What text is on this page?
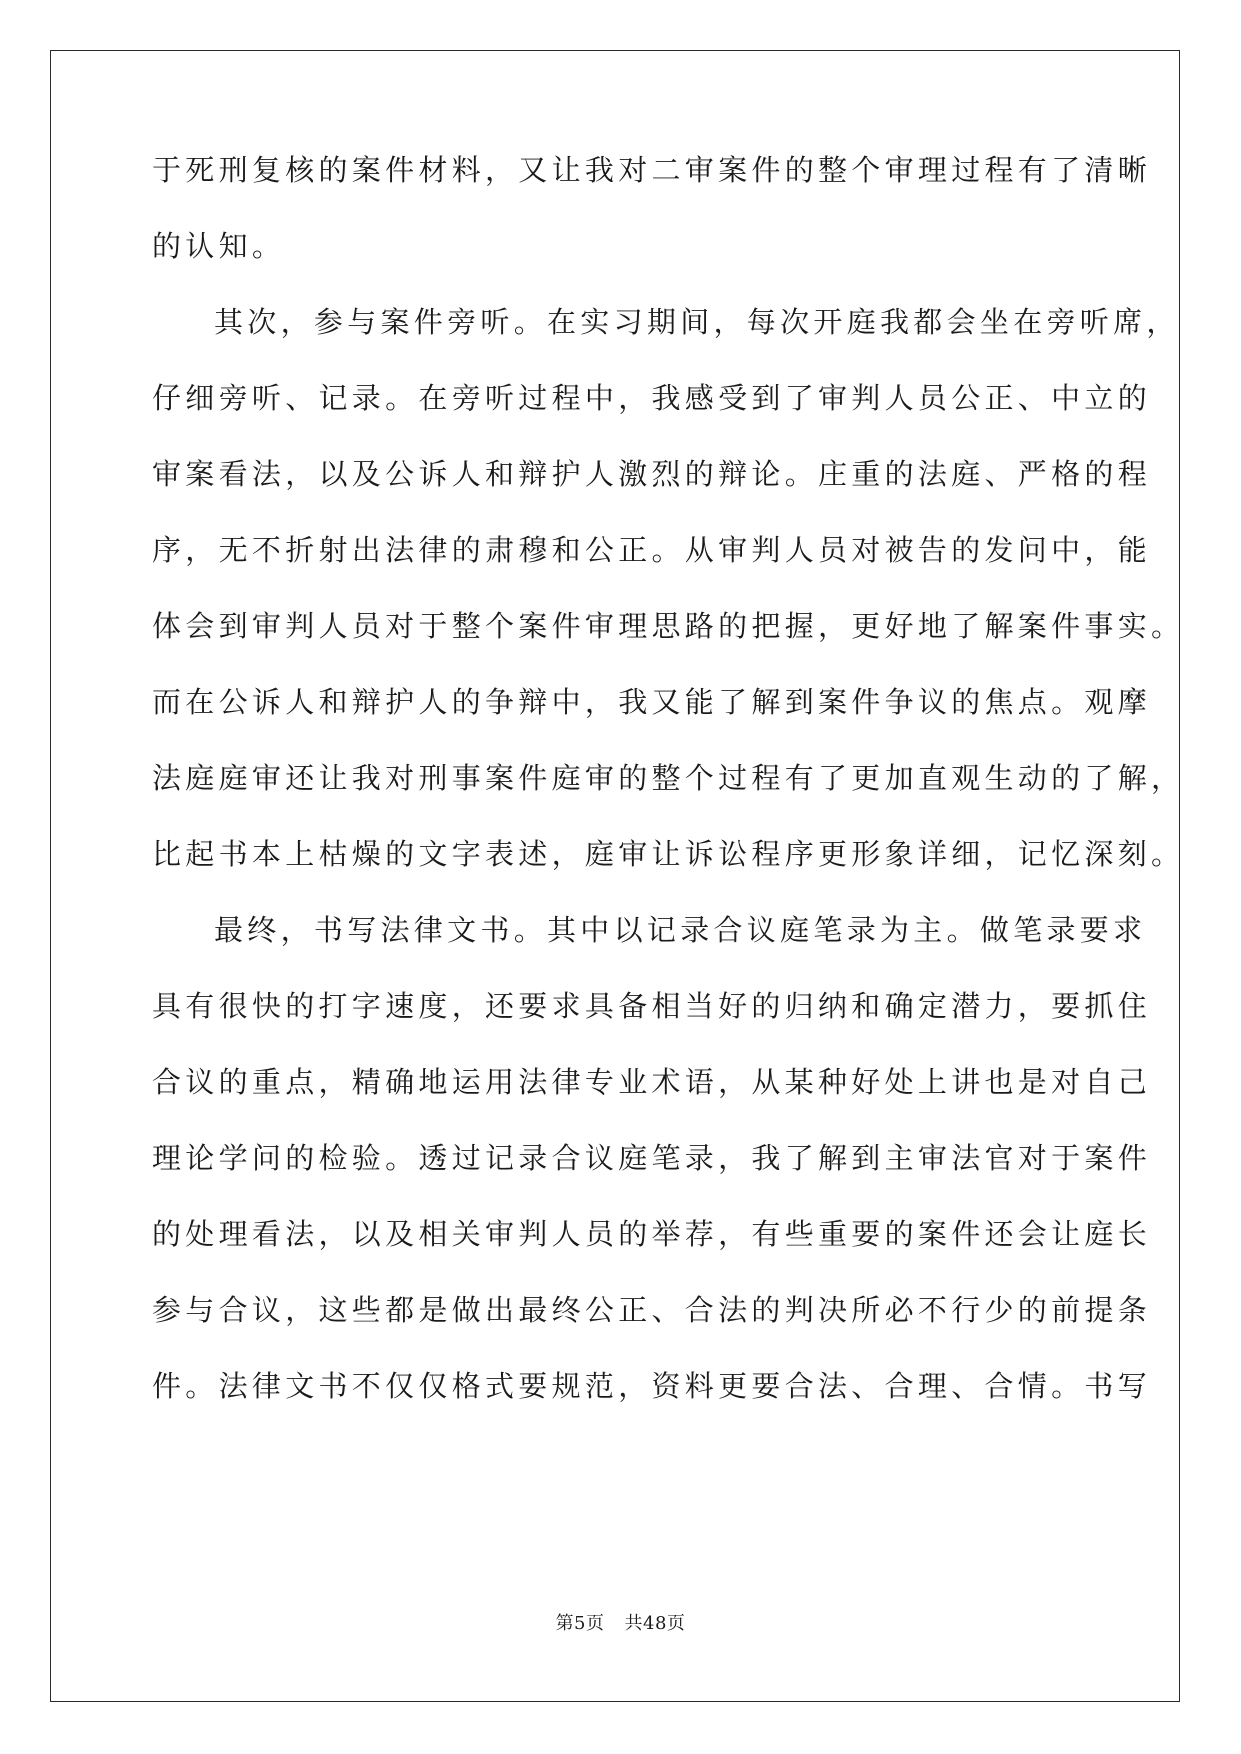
于死刑复核的案件材料，又让我对二审案件的整个审理过程有了清晰
的认知。
其次，参与案件旁听。在实习期间，每次开庭我都会坐在旁听席，
仔细旁听、记录。在旁听过程中，我感受到了审判人员公正、中立的
审案看法，以及公诉人和辩护人激烈的辩论。庄重的法庭、严格的程
序，无不折射出法律的肃穆和公正。从审判人员对被告的发问中，能
体会到审判人员对于整个案件审理思路的把握，更好地了解案件事实。
而在公诉人和辩护人的争辩中，我又能了解到案件争议的焦点。观摩
法庭庭审还让我对刑事案件庭审的整个过程有了更加直观生动的了解，
比起书本上枯燥的文字表述，庭审让诉讼程序更形象详细，记忆深刻。
最终，书写法律文书。其中以记录合议庭笔录为主。做笔录要求
具有很快的打字速度，还要求具备相当好的归纳和确定潜力，要抓住
合议的重点，精确地运用法律专业术语，从某种好处上讲也是对自己
理论学问的检验。透过记录合议庭笔录，我了解到主审法官对于案件
的处理看法，以及相关审判人员的举荐，有些重要的案件还会让庭长
参与合议，这些都是做出最终公正、合法的判决所必不行少的前提条
件。法律文书不仅仅格式要规范，资料更要合法、合理、合情。书写
第5页 共48页
